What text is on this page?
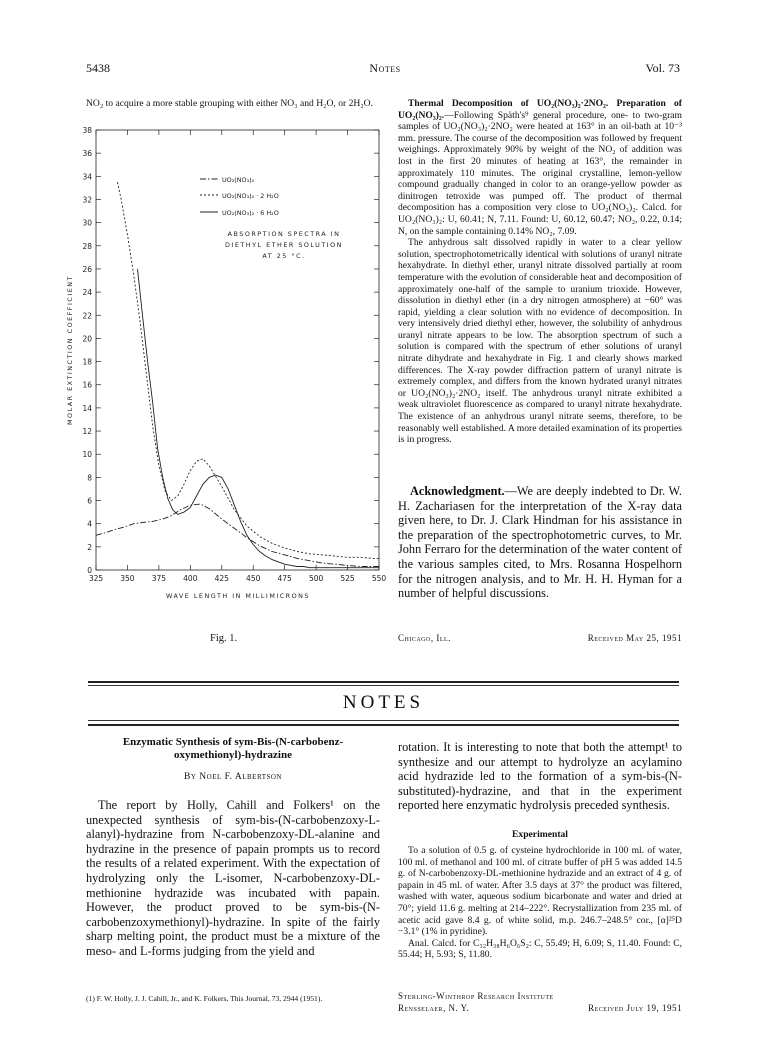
5438	Notes	Vol. 73

NO₂ to acquire a more stable grouping with either NO₃ and H₂O, or 2H₂O.

0
2
4
6
8
10
12
14
16
18
20
22
24
26
28
30
32
34
36
38
325 350 375 400 425 450 475 500 525 550
UO₂(NO₃)₂
UO₂(NO₃)₂ · 2 H₂O
UO₂(NO₃)₂ · 6 H₂O
ABSORPTION SPECTRA IN
DIETHYL ETHER SOLUTION
AT 25 °C.
WAVE LENGTH IN MILLIMICRONS
MOLAR EXTINCTION COEFFICIENT
Fig. 1.

Thermal Decomposition of UO₂(NO₃)₂·2NO₂. Preparation of UO₂(NO₃)₂.—Following Späth's⁹ general procedure, one- to two-gram samples of UO₂(NO₃)₂·2NO₂ were heated at 163° in an oil-bath at 10⁻³ mm. pressure. The course of the decomposition was followed by frequent weighings. Approximately 90% by weight of the NO₂ of addition was lost in the first 20 minutes of heating at 163°, the remainder in approximately 110 minutes. The original crystalline, lemon-yellow compound gradually changed in color to an orange-yellow powder as dinitrogen tetroxide was pumped off. The product of thermal decomposition has a composition very close to UO₂(NO₃)₂. Calcd. for UO₂(NO₃)₂: U, 60.41; N, 7.11. Found: U, 60.12, 60.47; NO₂, 0.22, 0.14; N, on the sample containing 0.14% NO₂, 7.09.

The anhydrous salt dissolved rapidly in water to a clear yellow solution, spectrophotometrically identical with solutions of uranyl nitrate hexahydrate. In diethyl ether, uranyl nitrate dissolved partially at room temperature with the evolution of considerable heat and decomposition of approximately one-half of the sample to uranium trioxide. However, dissolution in diethyl ether (in a dry nitrogen atmosphere) at −60° was rapid, yielding a clear solution with no evidence of decomposition. In very intensively dried diethyl ether, however, the solubility of anhydrous uranyl nitrate appears to be low. The absorption spectrum of such a solution is compared with the spectrum of ether solutions of uranyl nitrate dihydrate and hexahydrate in Fig. 1 and clearly shows marked differences. The X-ray powder diffraction pattern of uranyl nitrate is extremely complex, and differs from the known hydrated uranyl nitrates or UO₂(NO₃)₂·2NO₂ itself. The anhydrous uranyl nitrate exhibited a weak ultraviolet fluorescence as compared to uranyl nitrate hexahydrate. The existence of an anhydrous uranyl nitrate seems, therefore, to be reasonably well established. A more detailed examination of its properties is in progress.

Acknowledgment.—We are deeply indebted to Dr. W. H. Zachariasen for the interpretation of the X-ray data given here, to Dr. J. Clark Hindman for his assistance in the preparation of the spectrophotometric curves, to Mr. John Ferraro for the determination of the water content of the various samples cited, to Mrs. Rosanna Hospelhorn for the nitrogen analysis, and to Mr. H. H. Hyman for a number of helpful discussions.

Chicago, Ill.	Received May 25, 1951
NOTES
Enzymatic Synthesis of sym-Bis-(N-carbobenz-
oxymethionyl)-hydrazine
By Noel F. Albertson

The report by Holly, Cahill and Folkers¹ on the unexpected synthesis of sym-bis-(N-carbobenzoxy-L-alanyl)-hydrazine from N-carbobenzoxy-DL-alanine and hydrazine in the presence of papain prompts us to record the results of a related experiment. With the expectation of hydrolyzing only the L-isomer, N-carbobenzoxy-DL-methionine hydrazide was incubated with papain. However, the product proved to be sym-bis-(N-carbobenzoxymethionyl)-hydrazine. In spite of the fairly sharp melting point, the product must be a mixture of the meso- and L-forms judging from the yield and

(1) F. W. Holly, J. J. Cahill, Jr., and K. Folkers, This Journal, 73, 2944 (1951).

rotation. It is interesting to note that both the attempt¹ to synthesize and our attempt to hydrolyze an acylamino acid hydrazide led to the formation of a sym-bis-(N-substituted)-hydrazine, and that in the experiment reported here enzymatic hydrolysis preceded synthesis.

Experimental

To a solution of 0.5 g. of cysteine hydrochloride in 100 ml. of water, 100 ml. of methanol and 100 ml. of citrate buffer of pH 5 was added 14.5 g. of N-carbobenzoxy-DL-methionine hydrazide and an extract of 4 g. of papain in 45 ml. of water. After 3.5 days at 37° the product was filtered, washed with water, aqueous sodium bicarbonate and water and dried at 70°; yield 11.6 g. melting at 214–222°. Recrystallization from 235 ml. of acetic acid gave 8.4 g. of white solid, m.p. 246.7–248.5° cor., [α]²⁵D −3.1° (1% in pyridine).

Anal. Calcd. for C₃₂H₃₈H₆O₆S₂: C, 55.49; H, 6.09; S, 11.40. Found: C, 55.44; H, 5.93; S, 11.80.

Sterling-Winthrop Research Institute
Rensselaer, N. Y.	Received July 19, 1951
